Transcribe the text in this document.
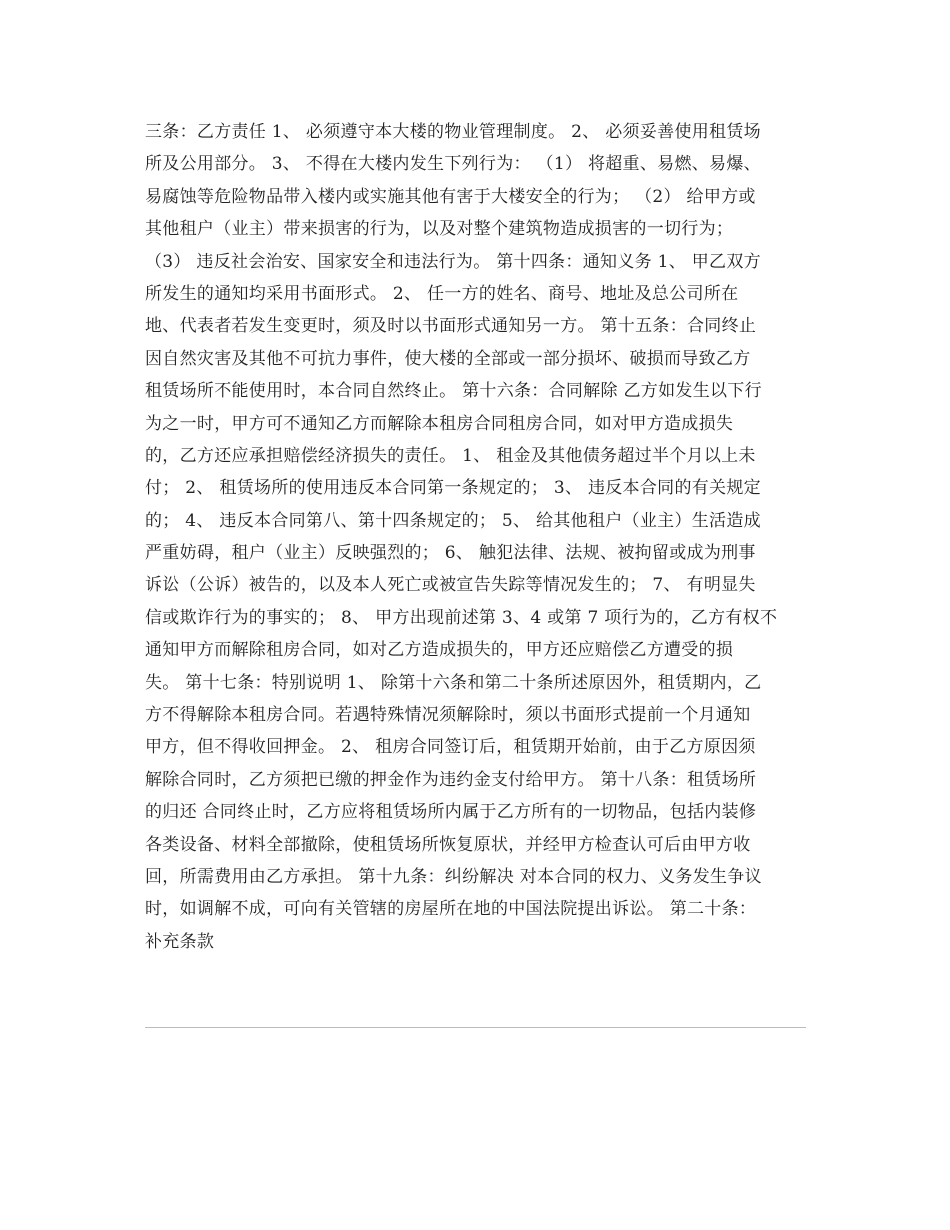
三条：乙方责任 1、 必须遵守本大楼的物业管理制度。 2、 必须妥善使用租赁场
所及公用部分。 3、 不得在大楼内发生下列行为： （1） 将超重、易燃、易爆、
易腐蚀等危险物品带入楼内或实施其他有害于大楼安全的行为； （2） 给甲方或
其他租户（业主）带来损害的行为，以及对整个建筑物造成损害的一切行为；
（3） 违反社会治安、国家安全和违法行为。 第十四条：通知义务 1、 甲乙双方
所发生的通知均采用书面形式。 2、 任一方的姓名、商号、地址及总公司所在
地、代表者若发生变更时，须及时以书面形式通知另一方。 第十五条：合同终止
因自然灾害及其他不可抗力事件，使大楼的全部或一部分损坏、破损而导致乙方
租赁场所不能使用时，本合同自然终止。 第十六条：合同解除 乙方如发生以下行
为之一时，甲方可不通知乙方而解除本租房合同租房合同，如对甲方造成损失
的，乙方还应承担赔偿经济损失的责任。 1、 租金及其他债务超过半个月以上未
付； 2、 租赁场所的使用违反本合同第一条规定的； 3、 违反本合同的有关规定
的； 4、 违反本合同第八、第十四条规定的； 5、 给其他租户（业主）生活造成
严重妨碍，租户（业主）反映强烈的； 6、 触犯法律、法规、被拘留或成为刑事
诉讼（公诉）被告的，以及本人死亡或被宣告失踪等情况发生的； 7、 有明显失
信或欺诈行为的事实的； 8、 甲方出现前述第 3、4 或第 7 项行为的，乙方有权不
通知甲方而解除租房合同，如对乙方造成损失的，甲方还应赔偿乙方遭受的损
失。 第十七条：特别说明 1、 除第十六条和第二十条所述原因外，租赁期内，乙
方不得解除本租房合同。若遇特殊情况须解除时，须以书面形式提前一个月通知
甲方，但不得收回押金。 2、 租房合同签订后，租赁期开始前，由于乙方原因须
解除合同时，乙方须把已缴的押金作为违约金支付给甲方。 第十八条：租赁场所
的归还 合同终止时，乙方应将租赁场所内属于乙方所有的一切物品，包括内装修
各类设备、材料全部撤除，使租赁场所恢复原状，并经甲方检查认可后由甲方收
回，所需费用由乙方承担。 第十九条：纠纷解决 对本合同的权力、义务发生争议
时，如调解不成，可向有关管辖的房屋所在地的中国法院提出诉讼。 第二十条：
补充条款
